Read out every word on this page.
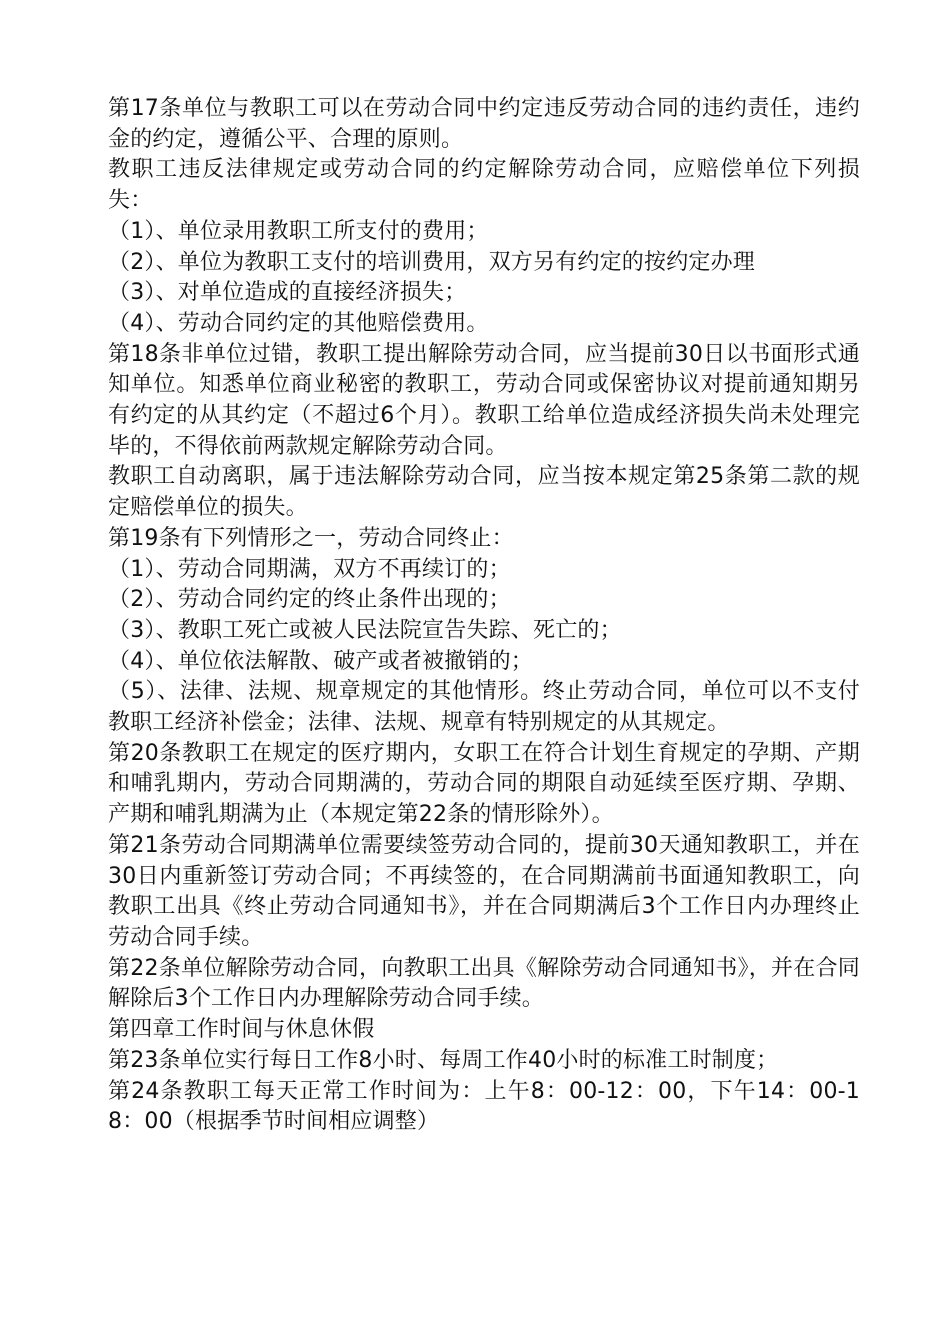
第17条单位与教职工可以在劳动合同中约定违反劳动合同的违约责任，违约金的约定，遵循公平、合理的原则。

教职工违反法律规定或劳动合同的约定解除劳动合同，应赔偿单位下列损失：

（1）、单位录用教职工所支付的费用；

（2）、单位为教职工支付的培训费用，双方另有约定的按约定办理

（3）、对单位造成的直接经济损失；

（4）、劳动合同约定的其他赔偿费用。

第18条非单位过错，教职工提出解除劳动合同，应当提前30日以书面形式通知单位。知悉单位商业秘密的教职工，劳动合同或保密协议对提前通知期另有约定的从其约定（不超过6个月）。教职工给单位造成经济损失尚未处理完毕的，不得依前两款规定解除劳动合同。

教职工自动离职，属于违法解除劳动合同，应当按本规定第25条第二款的规定赔偿单位的损失。

第19条有下列情形之一，劳动合同终止：

（1）、劳动合同期满，双方不再续订的；

（2）、劳动合同约定的终止条件出现的；

（3）、教职工死亡或被人民法院宣告失踪、死亡的；

（4）、单位依法解散、破产或者被撤销的；

（5）、法律、法规、规章规定的其他情形。终止劳动合同，单位可以不支付教职工经济补偿金；法律、法规、规章有特别规定的从其规定。

第20条教职工在规定的医疗期内，女职工在符合计划生育规定的孕期、产期和哺乳期内，劳动合同期满的，劳动合同的期限自动延续至医疗期、孕期、产期和哺乳期满为止（本规定第22条的情形除外）。

第21条劳动合同期满单位需要续签劳动合同的，提前30天通知教职工，并在30日内重新签订劳动合同；不再续签的，在合同期满前书面通知教职工，向教职工出具《终止劳动合同通知书》，并在合同期满后3个工作日内办理终止劳动合同手续。

第22条单位解除劳动合同，向教职工出具《解除劳动合同通知书》，并在合同解除后3个工作日内办理解除劳动合同手续。

第四章工作时间与休息休假

第23条单位实行每日工作8小时、每周工作40小时的标准工时制度；

第24条教职工每天正常工作时间为：上午8：00-12：00，下午14：00-18：00（根据季节时间相应调整）
